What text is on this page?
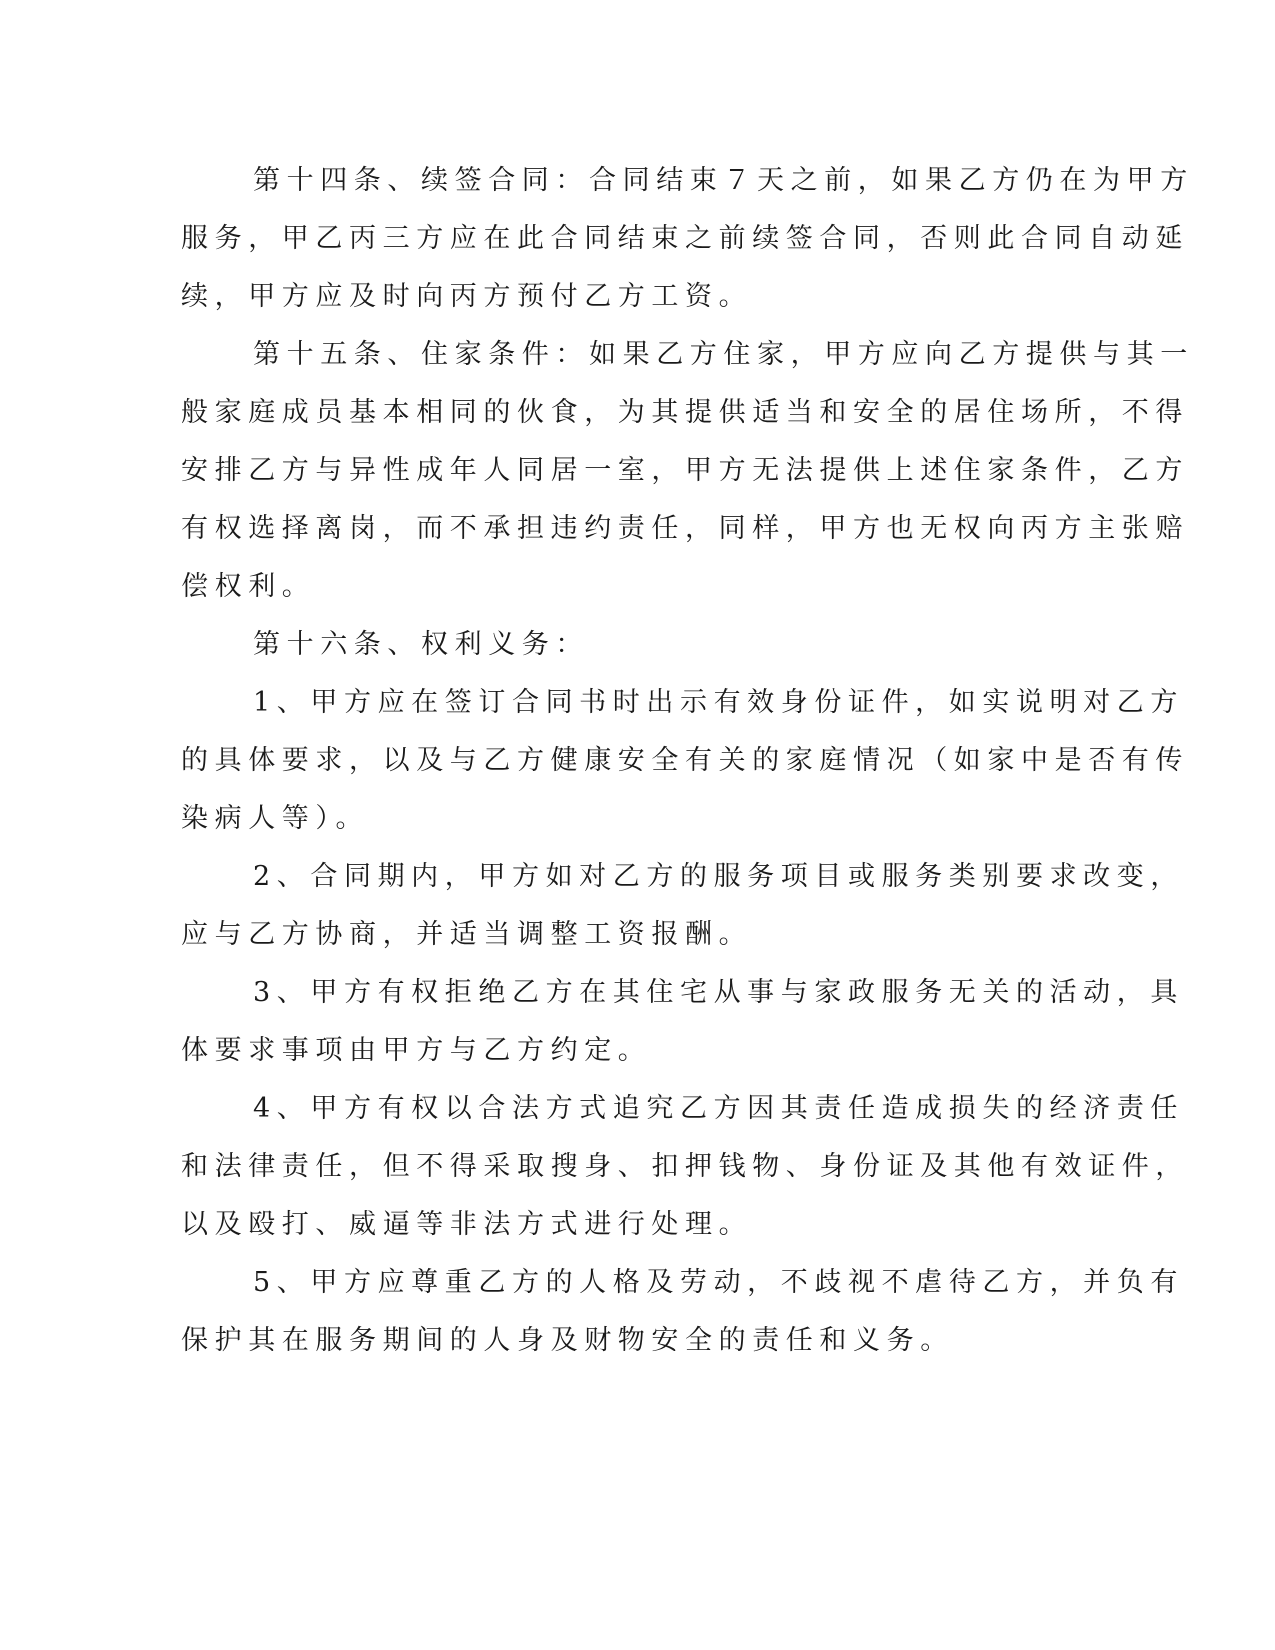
第十四条、续签合同：合同结束７天之前，如果乙方仍在为甲方

服务，甲乙丙三方应在此合同结束之前续签合同，否则此合同自动延

续，甲方应及时向丙方预付乙方工资。

第十五条、住家条件：如果乙方住家，甲方应向乙方提供与其一

般家庭成员基本相同的伙食，为其提供适当和安全的居住场所，不得

安排乙方与异性成年人同居一室，甲方无法提供上述住家条件，乙方

有权选择离岗，而不承担违约责任，同样，甲方也无权向丙方主张赔

偿权利。

第十六条、权利义务：

1、甲方应在签订合同书时出示有效身份证件，如实说明对乙方

的具体要求，以及与乙方健康安全有关的家庭情况（如家中是否有传

染病人等）。

2、合同期内，甲方如对乙方的服务项目或服务类别要求改变，

应与乙方协商，并适当调整工资报酬。

3、甲方有权拒绝乙方在其住宅从事与家政服务无关的活动，具

体要求事项由甲方与乙方约定。

4、甲方有权以合法方式追究乙方因其责任造成损失的经济责任

和法律责任，但不得采取搜身、扣押钱物、身份证及其他有效证件，

以及殴打、威逼等非法方式进行处理。

5、甲方应尊重乙方的人格及劳动，不歧视不虐待乙方，并负有

保护其在服务期间的人身及财物安全的责任和义务。
